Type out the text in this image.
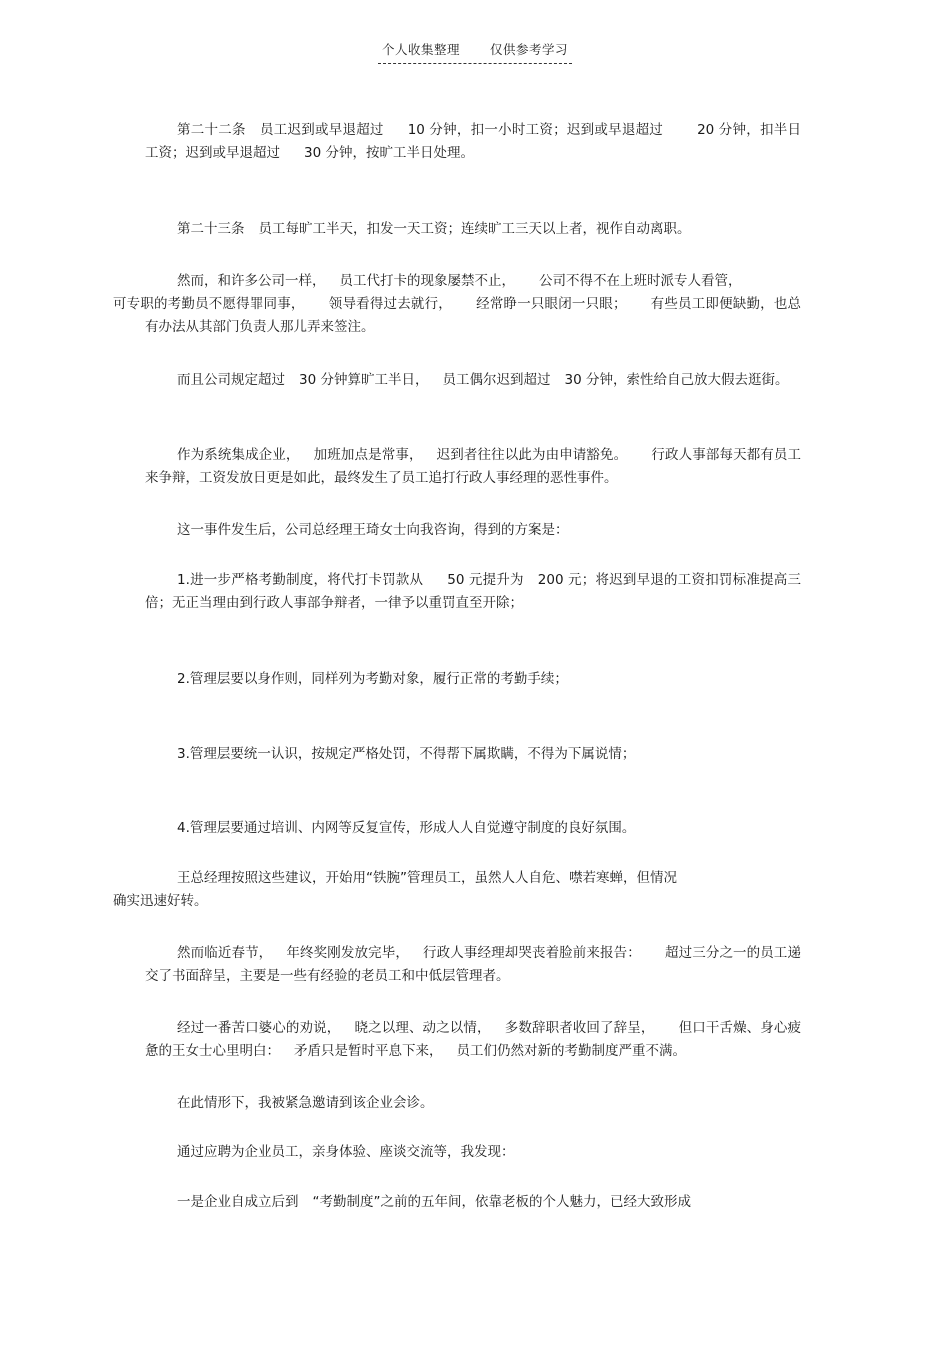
个人收集整理 仅供参考学习

第二十二条 员工迟到或早退超过 10 分钟，扣一小时工资；迟到或早退超过	20 分钟，扣半日工资；迟到或早退超过 30 分钟，按旷工半日处理。

第二十三条 员工每旷工半天，扣发一天工资；连续旷工三天以上者，视作自动离职。

然而，和许多公司一样， 员工代打卡的现象屡禁不止， 公司不得不在上班时派专人看管，
可专职的考勤员不愿得罪同事， 领导看得过去就行， 经常睁一只眼闭一只眼； 有些员工即便缺勤，也总有办法从其部门负责人那儿弄来签注。

而且公司规定超过 30 分钟算旷工半日， 员工偶尔迟到超过 30 分钟，索性给自己放大假去逛街。

作为系统集成企业， 加班加点是常事， 迟到者往往以此为由申请豁免。 行政人事部每天都有员工来争辩，工资发放日更是如此，最终发生了员工追打行政人事经理的恶性事件。

这一事件发生后，公司总经理王琦女士向我咨询，得到的方案是：

1.进一步严格考勤制度，将代打卡罚款从 50 元提升为 200 元；将迟到早退的工资扣罚标准提高三倍；无正当理由到行政人事部争辩者，一律予以重罚直至开除；

2.管理层要以身作则，同样列为考勤对象，履行正常的考勤手续；

3.管理层要统一认识，按规定严格处罚，不得帮下属欺瞒，不得为下属说情；

4.管理层要通过培训、内网等反复宣传，形成人人自觉遵守制度的良好氛围。

王总经理按照这些建议，开始用“铁腕”管理员工，虽然人人自危、噤若寒蝉，但情况
确实迅速好转。

然而临近春节， 年终奖刚发放完毕， 行政人事经理却哭丧着脸前来报告： 超过三分之一的员工递交了书面辞呈，主要是一些有经验的老员工和中低层管理者。

经过一番苦口婆心的劝说， 晓之以理、动之以情， 多数辞职者收回了辞呈， 但口干舌燥、身心疲惫的王女士心里明白： 矛盾只是暂时平息下来， 员工们仍然对新的考勤制度严重不满。

在此情形下，我被紧急邀请到该企业会诊。

通过应聘为企业员工，亲身体验、座谈交流等，我发现：

一是企业自成立后到 “考勤制度”之前的五年间，依靠老板的个人魅力，已经大致形成
